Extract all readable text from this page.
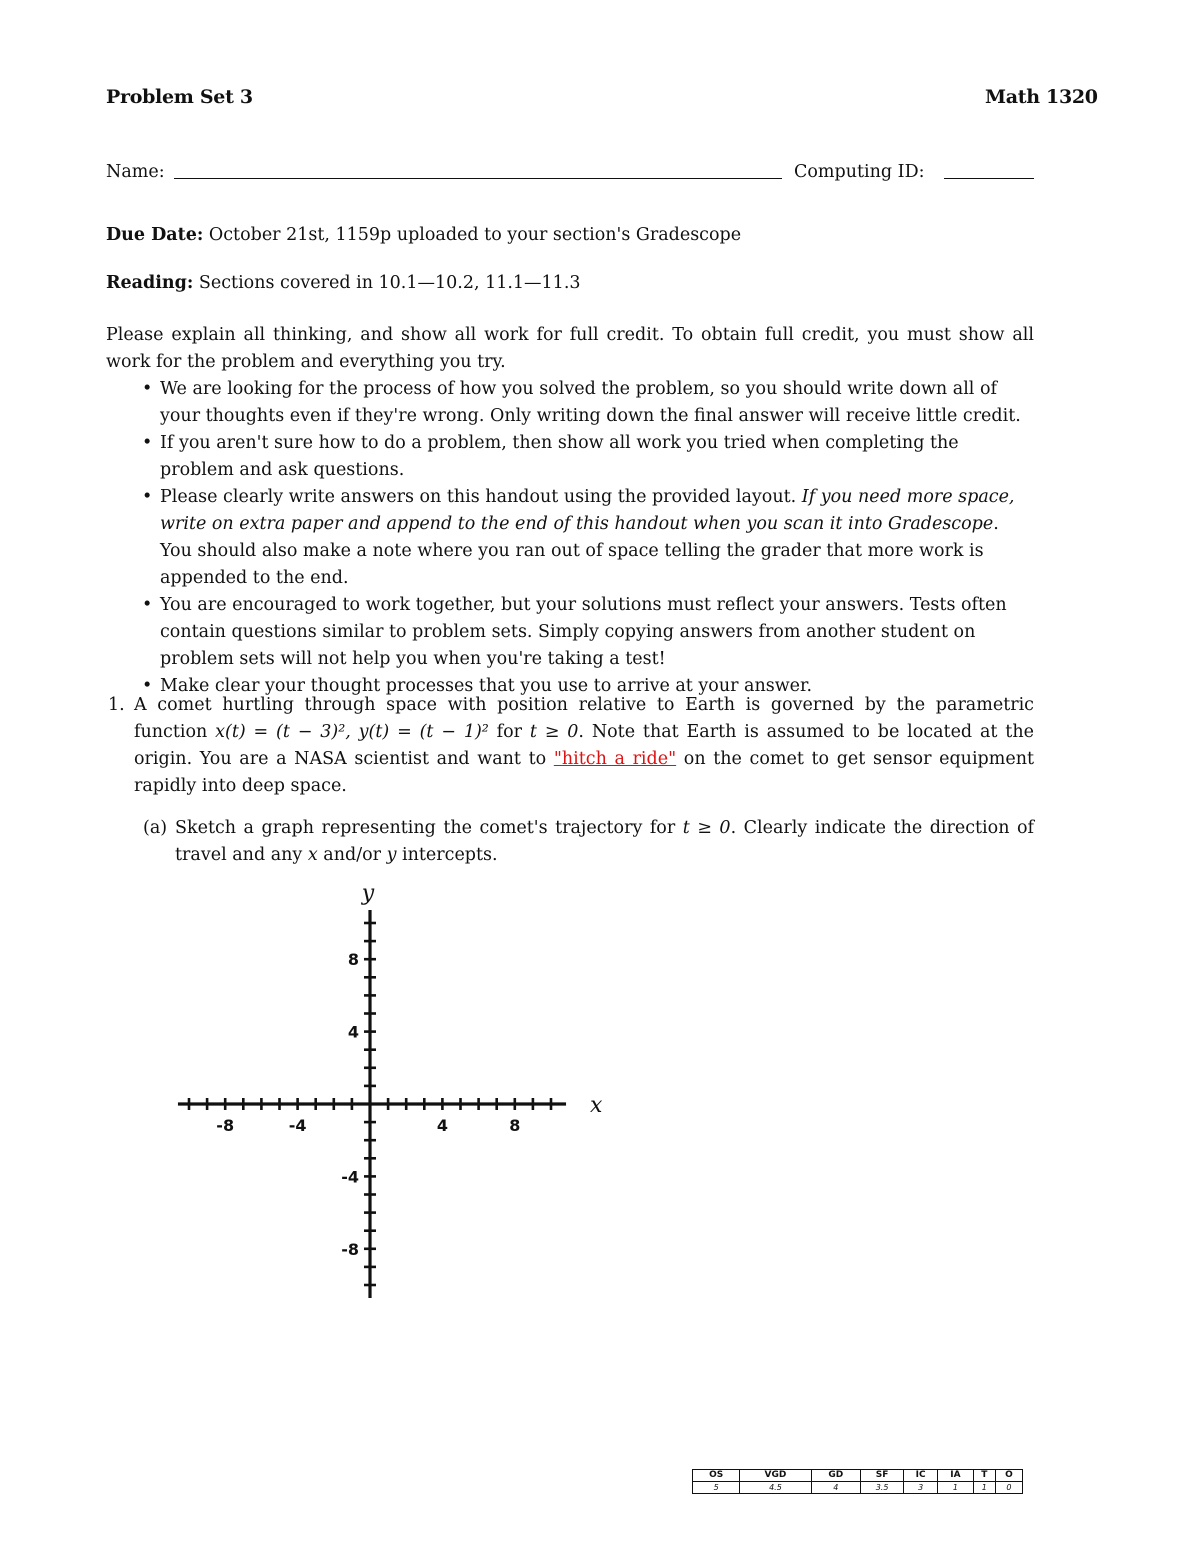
Problem Set 3	Math 1320
Name:	Computing ID:
Due Date: October 21st, 1159p uploaded to your section's Gradescope
Reading: Sections covered in 10.1—10.2, 11.1—11.3
Please explain all thinking, and show all work for full credit. To obtain full credit, you must show all work for the problem and everything you try.
• We are looking for the process of how you solved the problem, so you should write down all of your thoughts even if they're wrong. Only writing down the final answer will receive little credit.
• If you aren't sure how to do a problem, then show all work you tried when completing the problem and ask questions.
• Please clearly write answers on this handout using the provided layout. If you need more space, write on extra paper and append to the end of this handout when you scan it into Gradescope. You should also make a note where you ran out of space telling the grader that more work is appended to the end.
• You are encouraged to work together, but your solutions must reflect your answers. Tests often contain questions similar to problem sets. Simply copying answers from another student on problem sets will not help you when you're taking a test!
• Make clear your thought processes that you use to arrive at your answer.
1. A comet hurtling through space with position relative to Earth is governed by the parametric function x(t) = (t − 3)², y(t) = (t − 1)² for t ≥ 0. Note that Earth is assumed to be located at the origin. You are a NASA scientist and want to "hitch a ride" on the comet to get sensor equipment rapidly into deep space.
(a) Sketch a graph representing the comet's trajectory for t ≥ 0. Clearly indicate the direction of travel and any x and/or y intercepts.
-8	-4	4	8
8
4
-4
-8
x
y
OS	VGD	GD	SF	IC	IA	T	O
5	4.5	4	3.5	3	1	1	0
